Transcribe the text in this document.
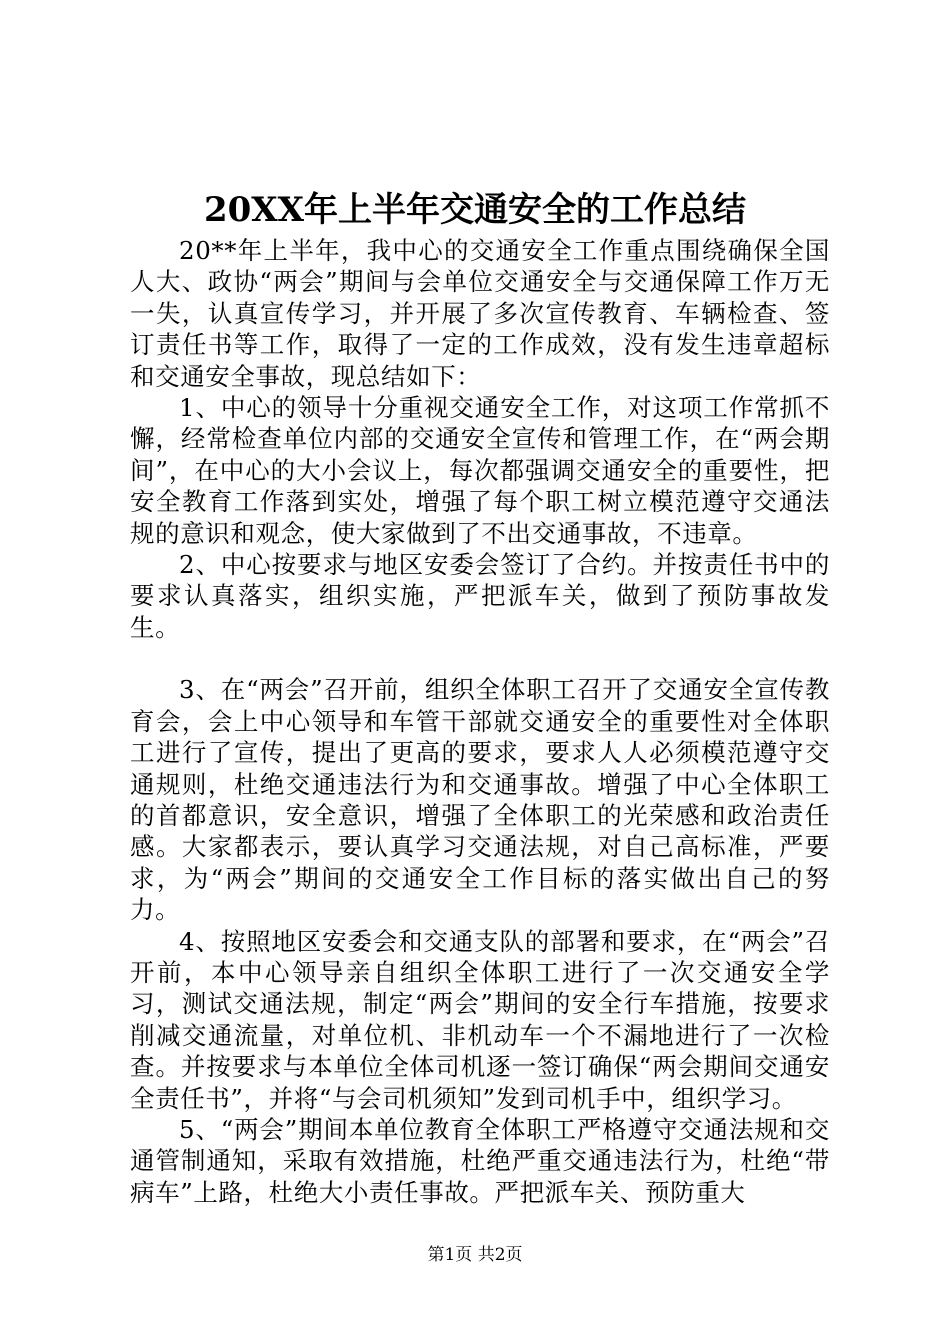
20XX年上半年交通安全的工作总结

20**年上半年，我中心的交通安全工作重点围绕确保全国人大、政协“两会”期间与会单位交通安全与交通保障工作万无一失，认真宣传学习，并开展了多次宣传教育、车辆检查、签订责任书等工作，取得了一定的工作成效，没有发生违章超标和交通安全事故，现总结如下：

1、中心的领导十分重视交通安全工作，对这项工作常抓不懈，经常检查单位内部的交通安全宣传和管理工作，在“两会期间”，在中心的大小会议上，每次都强调交通安全的重要性，把安全教育工作落到实处，增强了每个职工树立模范遵守交通法规的意识和观念，使大家做到了不出交通事故，不违章。

2、中心按要求与地区安委会签订了合约。并按责任书中的要求认真落实，组织实施，严把派车关，做到了预防事故发生。

3、在“两会”召开前，组织全体职工召开了交通安全宣传教育会，会上中心领导和车管干部就交通安全的重要性对全体职工进行了宣传，提出了更高的要求，要求人人必须模范遵守交通规则，杜绝交通违法行为和交通事故。增强了中心全体职工的首都意识，安全意识，增强了全体职工的光荣感和政治责任感。大家都表示，要认真学习交通法规，对自己高标准，严要求，为“两会”期间的交通安全工作目标的落实做出自己的努力。

4、按照地区安委会和交通支队的部署和要求，在“两会”召开前，本中心领导亲自组织全体职工进行了一次交通安全学习，测试交通法规，制定“两会”期间的安全行车措施，按要求削减交通流量，对单位机、非机动车一个不漏地进行了一次检查。并按要求与本单位全体司机逐一签订确保“两会期间交通安全责任书”，并将“与会司机须知”发到司机手中，组织学习。

5、“两会”期间本单位教育全体职工严格遵守交通法规和交通管制通知，采取有效措施，杜绝严重交通违法行为，杜绝“带病车”上路，杜绝大小责任事故。严把派车关、预防重大

第1页 共2页
